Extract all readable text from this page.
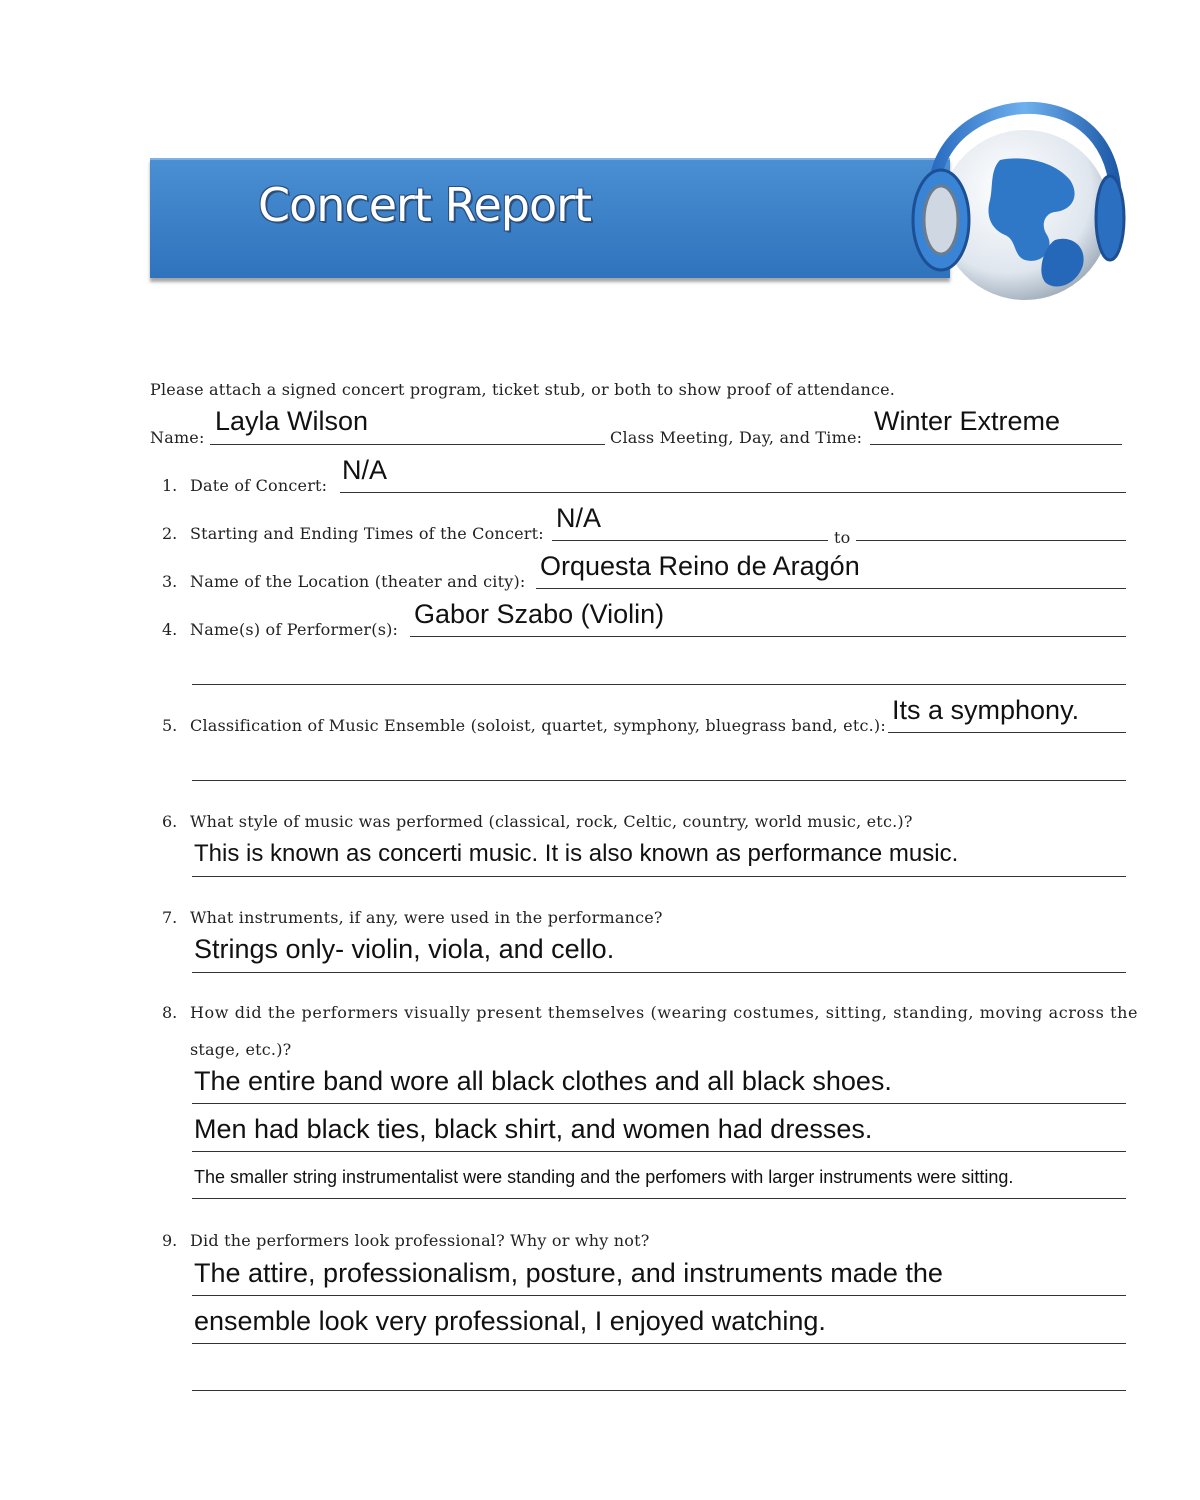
Concert Report
Please attach a signed concert program, ticket stub, or both to show proof of attendance.
Name:
Layla Wilson
Class Meeting, Day, and Time:
Winter Extreme
1. Date of Concert:
N/A
2. Starting and Ending Times of the Concert:
N/A
to
3. Name of the Location (theater and city):
Orquesta Reino de Aragón
4. Name(s) of Performer(s):
Gabor Szabo (Violin)
5. Classification of Music Ensemble (soloist, quartet, symphony, bluegrass band, etc.):
Its a symphony.
6. What style of music was performed (classical, rock, Celtic, country, world music, etc.)?
This is known as concerti music. It is also known as performance music.
7. What instruments, if any, were used in the performance?
Strings only- violin, viola, and cello.
8. How did the performers visually present themselves (wearing costumes, sitting, standing, moving across the
stage, etc.)?
The entire band wore all black clothes and all black shoes.
Men had black ties, black shirt, and women had dresses.
The smaller string instrumentalist were standing and the perfomers with larger instruments were sitting.
9. Did the performers look professional? Why or why not?
The attire, professionalism, posture, and instruments made the
ensemble look very professional, I enjoyed watching.
